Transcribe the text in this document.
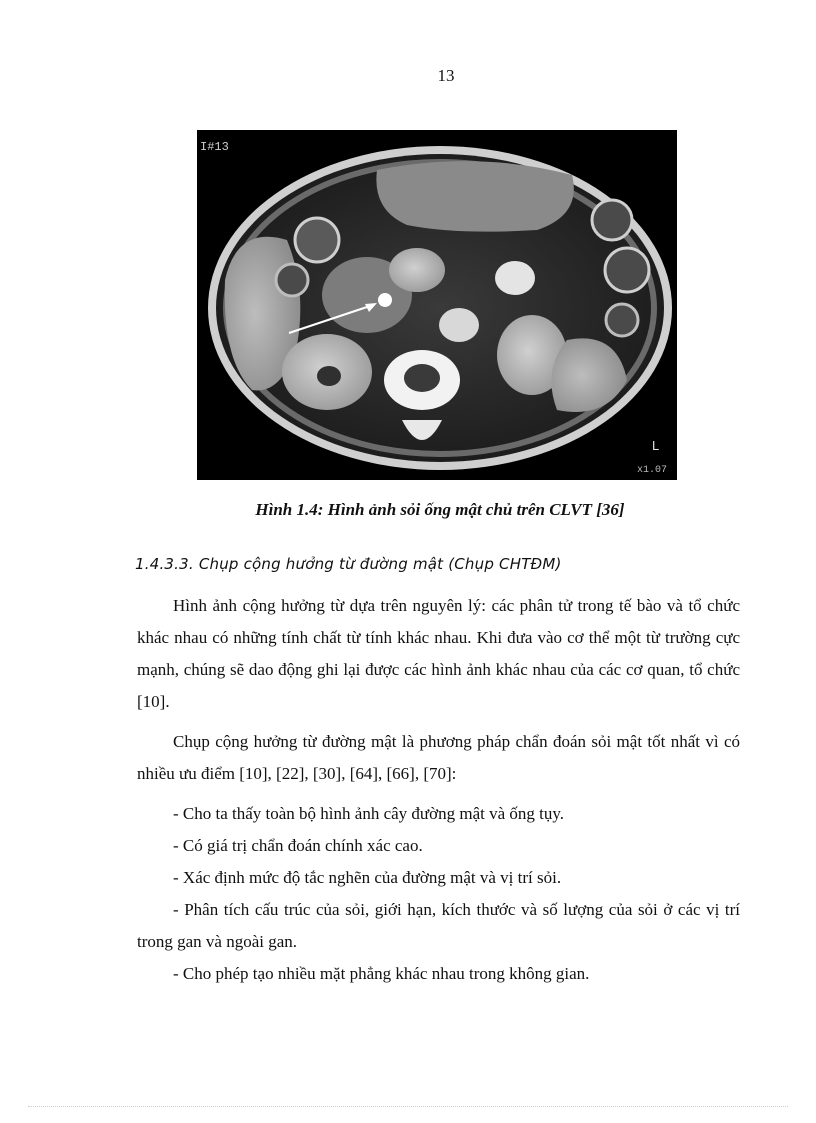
13
I#13
L
x1.07
Hình 1.4: Hình ảnh sỏi ống mật chủ trên CLVT [36]
1.4.3.3. Chụp cộng hưởng từ đường mật (Chụp CHTĐM)

Hình ảnh cộng hưởng từ dựa trên nguyên lý: các phân tử trong tế bào và tổ chức khác nhau có những tính chất từ tính khác nhau. Khi đưa vào cơ thể một từ trường cực mạnh, chúng sẽ dao động ghi lại được các hình ảnh khác nhau của các cơ quan, tổ chức [10].

Chụp cộng hưởng từ đường mật là phương pháp chẩn đoán sỏi mật tốt nhất vì có nhiều ưu điểm [10], [22], [30], [64], [66], [70]:

- Cho ta thấy toàn bộ hình ảnh cây đường mật và ống tụy.

- Có giá trị chẩn đoán chính xác cao.

- Xác định mức độ tắc nghẽn của đường mật và vị trí sỏi.

- Phân tích cấu trúc của sỏi, giới hạn, kích thước và số lượng của sỏi ở các vị trí trong gan và ngoài gan.

- Cho phép tạo nhiều mặt phẳng khác nhau trong không gian.
